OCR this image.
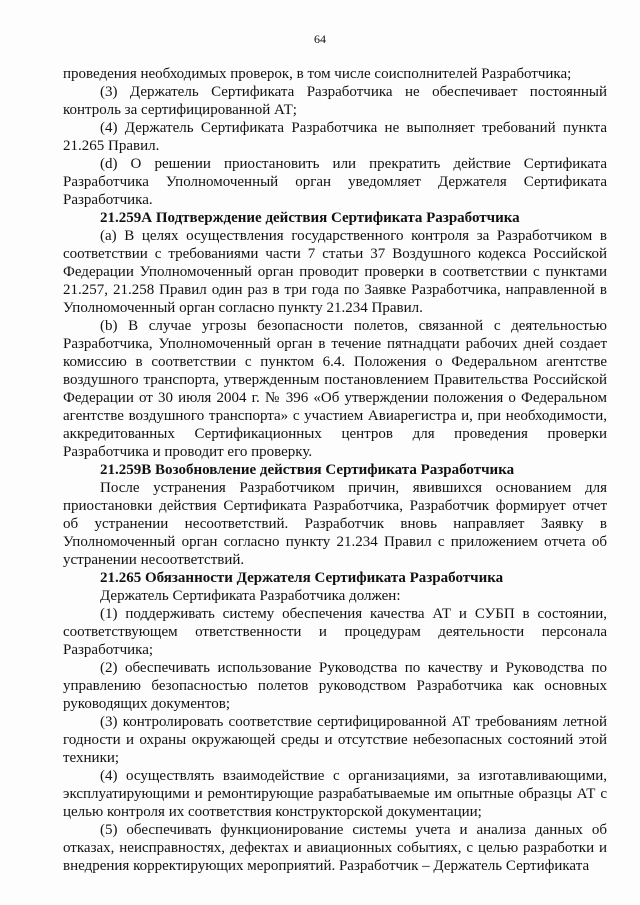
64

проведения необходимых проверок, в том числе соисполнителей Разработчика;

(3) Держатель Сертификата Разработчика не обеспечивает постоянный контроль за сертифицированной АТ;

(4) Держатель Сертификата Разработчика не выполняет требований пункта 21.265 Правил.

(d) О решении приостановить или прекратить действие Сертификата Разработчика Уполномоченный орган уведомляет Держателя Сертификата Разработчика.

21.259А Подтверждение действия Сертификата Разработчика

(а) В целях осуществления государственного контроля за Разработчиком в соответствии с требованиями части 7 статьи 37 Воздушного кодекса Российской Федерации Уполномоченный орган проводит проверки в соответствии с пунктами 21.257, 21.258 Правил один раз в три года по Заявке Разработчика, направленной в Уполномоченный орган согласно пункту 21.234 Правил.

(b) В случае угрозы безопасности полетов, связанной с деятельностью Разработчика, Уполномоченный орган в течение пятнадцати рабочих дней создает комиссию в соответствии с пунктом 6.4. Положения о Федеральном агентстве воздушного транспорта, утвержденным постановлением Правительства Российской Федерации от 30 июля 2004 г. № 396 «Об утверждении положения о Федеральном агентстве воздушного транспорта» с участием Авиарегистра и, при необходимости, аккредитованных Сертификационных центров для проведения проверки Разработчика и проводит его проверку.

21.259В Возобновление действия Сертификата Разработчика

После устранения Разработчиком причин, явившихся основанием для приостановки действия Сертификата Разработчика, Разработчик формирует отчет об устранении несоответствий. Разработчик вновь направляет Заявку в Уполномоченный орган согласно пункту 21.234 Правил с приложением отчета об устранении несоответствий.

21.265 Обязанности Держателя Сертификата Разработчика

Держатель Сертификата Разработчика должен:

(1) поддерживать систему обеспечения качества АТ и СУБП в состоянии, соответствующем ответственности и процедурам деятельности персонала Разработчика;

(2) обеспечивать использование Руководства по качеству и Руководства по управлению безопасностью полетов руководством Разработчика как основных руководящих документов;

(3) контролировать соответствие сертифицированной АТ требованиям летной годности и охраны окружающей среды и отсутствие небезопасных состояний этой техники;

(4) осуществлять взаимодействие с организациями, за изготавливающими, эксплуатирующими и ремонтирующие разрабатываемые им опытные образцы АТ с целью контроля их соответствия конструкторской документации;

(5) обеспечивать функционирование системы учета и анализа данных об отказах, неисправностях, дефектах и авиационных событиях, с целью разработки и внедрения корректирующих мероприятий. Разработчик – Держатель Сертификата
